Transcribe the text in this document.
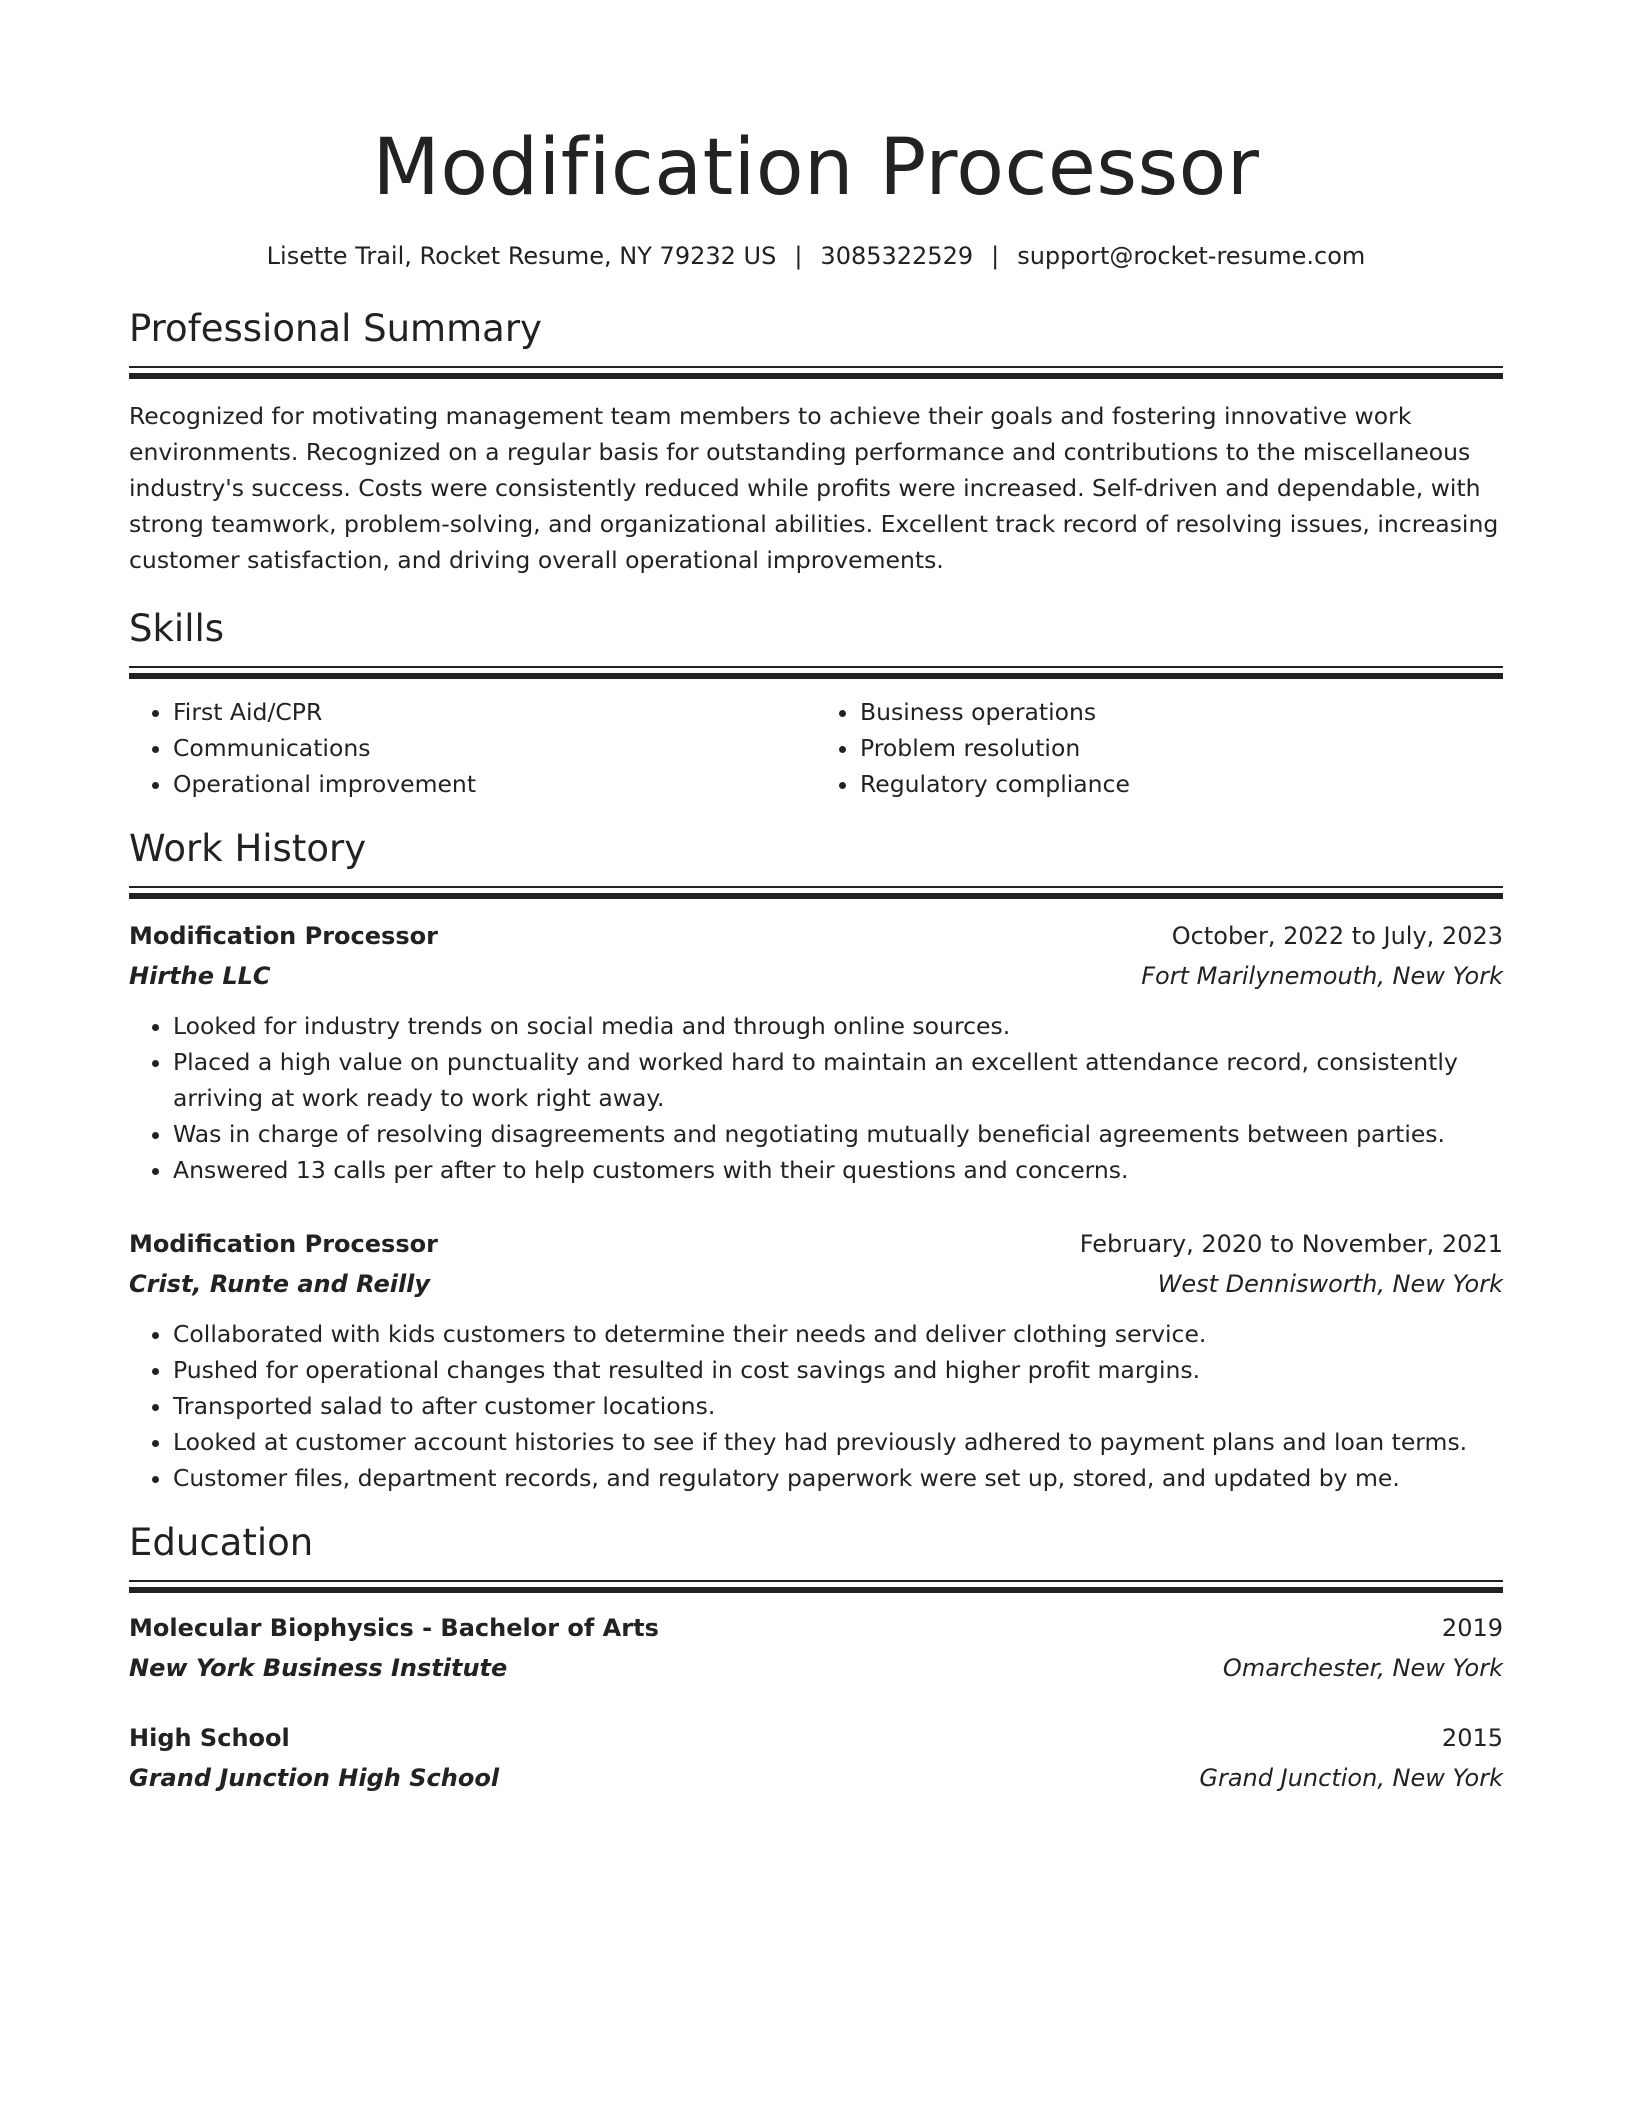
Modification Processor
Lisette Trail, Rocket Resume, NY 79232 US | 3085322529 | support@rocket-resume.com
Professional Summary
Recognized for motivating management team members to achieve their goals and fostering innovative work environments. Recognized on a regular basis for outstanding performance and contributions to the miscellaneous industry's success. Costs were consistently reduced while profits were increased. Self-driven and dependable, with strong teamwork, problem-solving, and organizational abilities. Excellent track record of resolving issues, increasing customer satisfaction, and driving overall operational improvements.
Skills
• First Aid/CPR
• Communications
• Operational improvement
• Business operations
• Problem resolution
• Regulatory compliance
Work History
Modification Processor	October, 2022 to July, 2023
Hirthe LLC	Fort Marilynemouth, New York
• Looked for industry trends on social media and through online sources.
• Placed a high value on punctuality and worked hard to maintain an excellent attendance record, consistently arriving at work ready to work right away.
• Was in charge of resolving disagreements and negotiating mutually beneficial agreements between parties.
• Answered 13 calls per after to help customers with their questions and concerns.
Modification Processor	February, 2020 to November, 2021
Crist, Runte and Reilly	West Dennisworth, New York
• Collaborated with kids customers to determine their needs and deliver clothing service.
• Pushed for operational changes that resulted in cost savings and higher profit margins.
• Transported salad to after customer locations.
• Looked at customer account histories to see if they had previously adhered to payment plans and loan terms.
• Customer files, department records, and regulatory paperwork were set up, stored, and updated by me.
Education
Molecular Biophysics - Bachelor of Arts	2019
New York Business Institute	Omarchester, New York
High School	2015
Grand Junction High School	Grand Junction, New York
